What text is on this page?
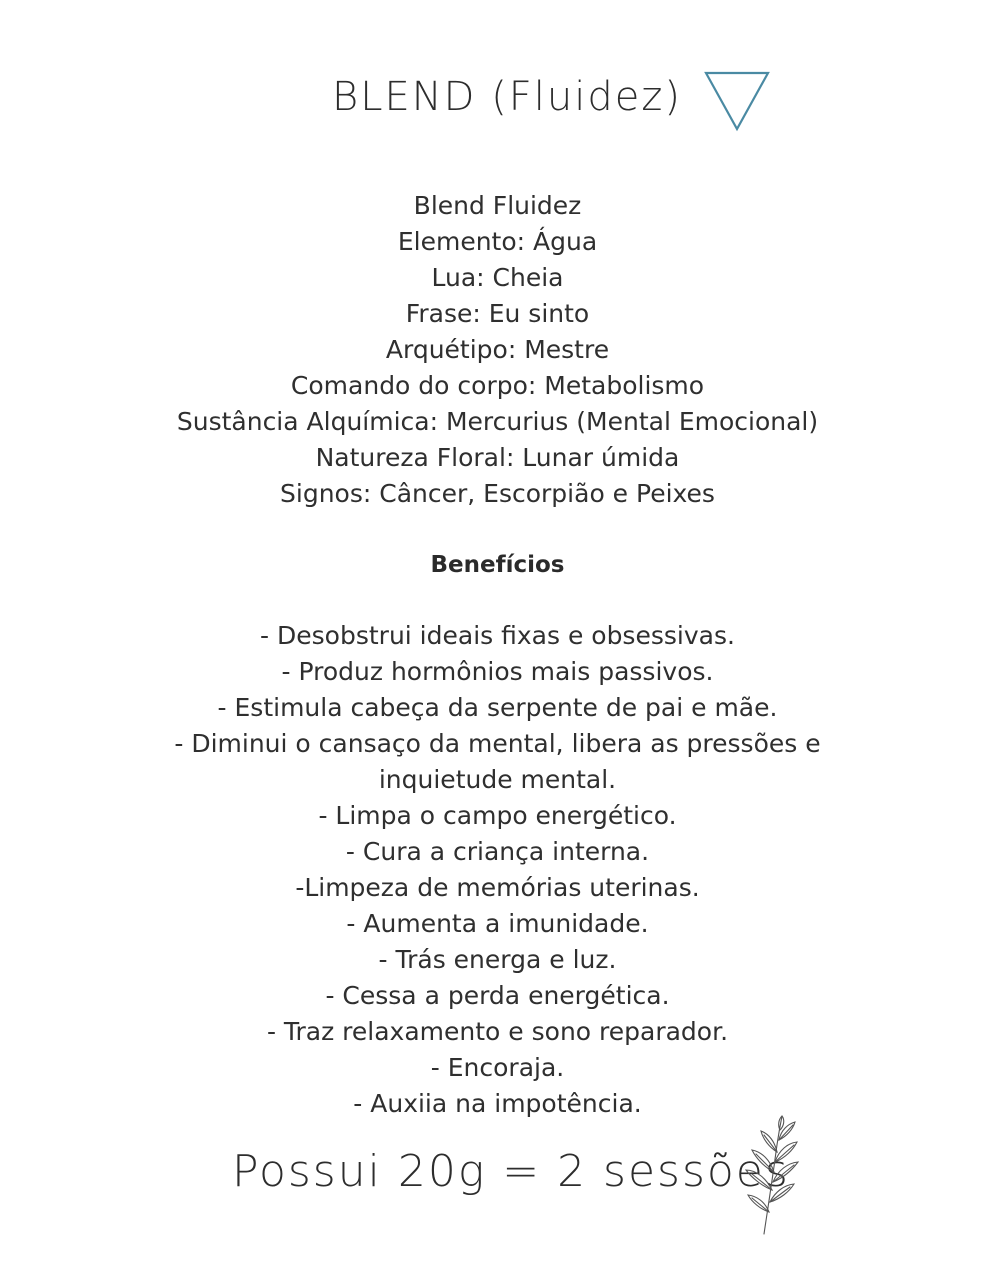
BLEND (Fluidez)
Blend Fluidez
Elemento: Água
Lua: Cheia
Frase: Eu sinto
Arquétipo: Mestre
Comando do corpo: Metabolismo
Sustância Alquímica: Mercurius (Mental Emocional)
Natureza Floral: Lunar úmida
Signos: Câncer, Escorpião e Peixes
Benefícios
- Desobstrui ideais fixas e obsessivas.
- Produz hormônios mais passivos.
- Estimula cabeça da serpente de pai e mãe.
- Diminui o cansaço da mental, libera as pressões e
inquietude mental.
- Limpa o campo energético.
- Cura a criança interna.
-Limpeza de memórias uterinas.
- Aumenta a imunidade.
- Trás energa e luz.
- Cessa a perda energética.
- Traz relaxamento e sono reparador.
- Encoraja.
- Auxiia na impotência.
Possui 20g = 2 sessões
